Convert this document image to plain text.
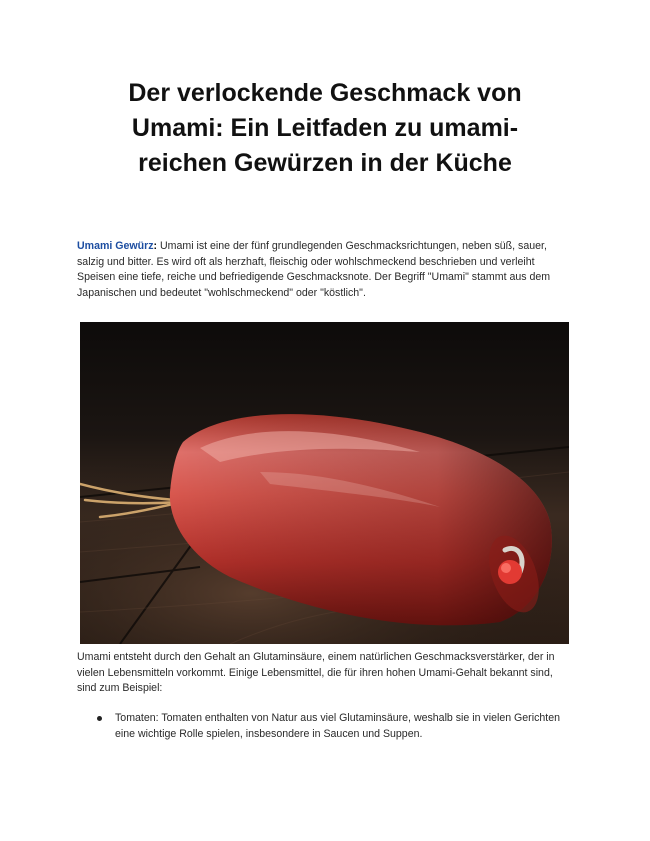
Der verlockende Geschmack von Umami: Ein Leitfaden zu umami-reichen Gewürzen in der Küche

Umami Gewürz: Umami ist eine der fünf grundlegenden Geschmacksrichtungen, neben süß, sauer, salzig und bitter. Es wird oft als herzhaft, fleischig oder wohlschmeckend beschrieben und verleiht Speisen eine tiefe, reiche und befriedigende Geschmacksnote. Der Begriff "Umami" stammt aus dem Japanischen und bedeutet "wohlschmeckend" oder "köstlich".

Umami entsteht durch den Gehalt an Glutaminsäure, einem natürlichen Geschmacksverstärker, der in vielen Lebensmitteln vorkommt. Einige Lebensmittel, die für ihren hohen Umami-Gehalt bekannt sind, sind zum Beispiel:

Tomaten: Tomaten enthalten von Natur aus viel Glutaminsäure, weshalb sie in vielen Gerichten eine wichtige Rolle spielen, insbesondere in Saucen und Suppen.
